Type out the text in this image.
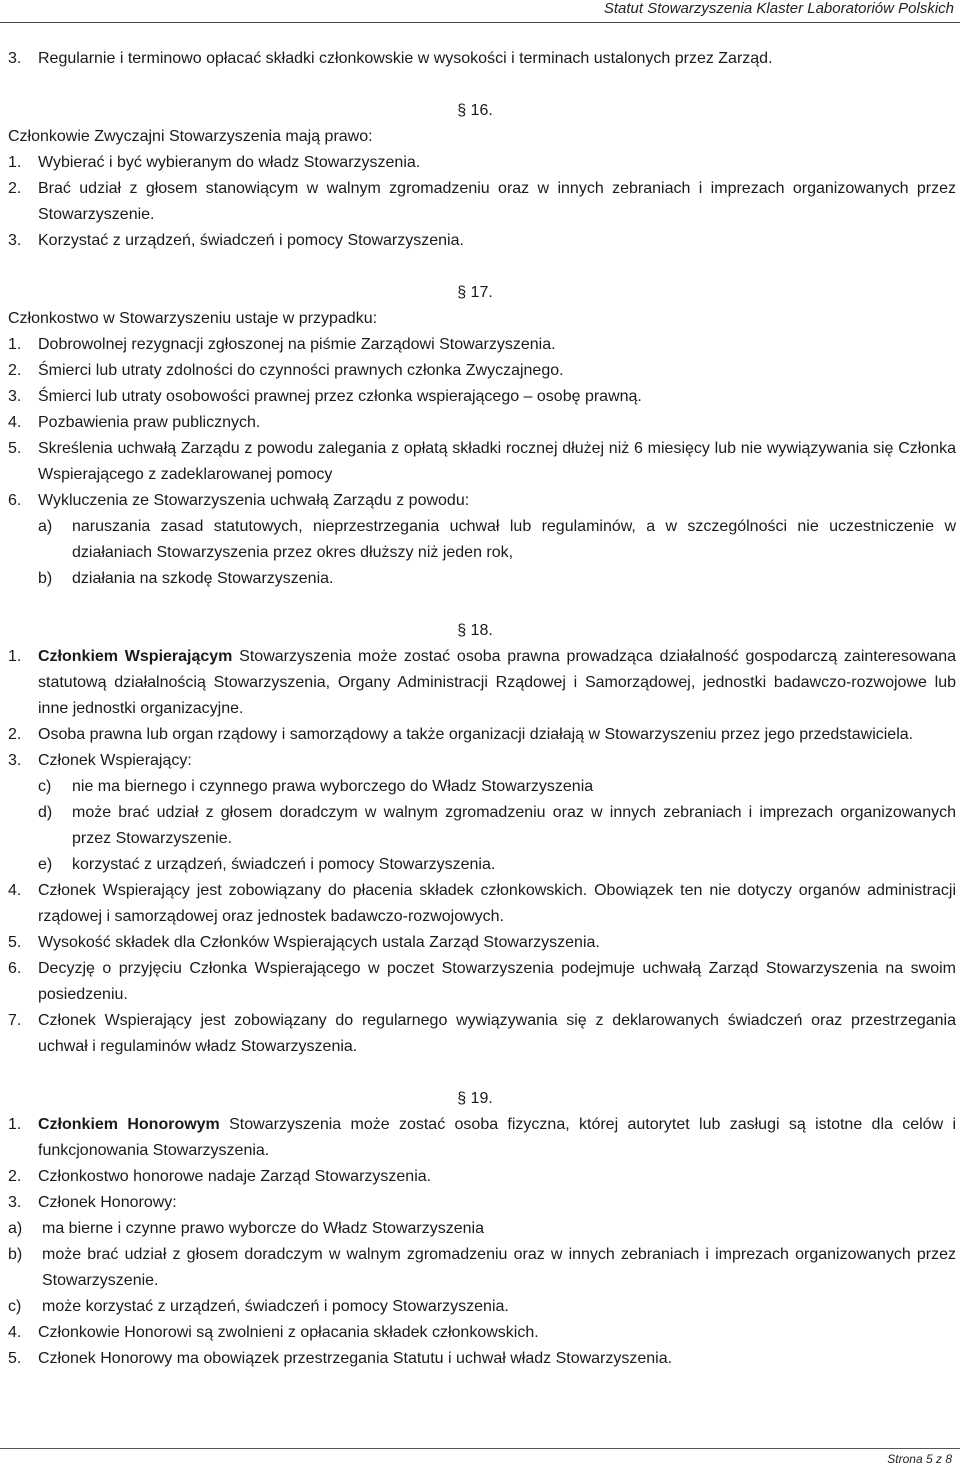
Statut Stowarzyszenia Klaster Laboratoriów Polskich
3.	Regularnie i terminowo opłacać składki członkowskie w wysokości i terminach ustalonych przez Zarząd.
§ 16.
Członkowie Zwyczajni Stowarzyszenia mają prawo:
1.	Wybierać i być wybieranym do władz Stowarzyszenia.
2.	Brać udział z głosem stanowiącym w walnym zgromadzeniu oraz w innych zebraniach i imprezach organizowanych przez Stowarzyszenie.
3.	Korzystać z urządzeń, świadczeń i pomocy Stowarzyszenia.
§ 17.
Członkostwo w Stowarzyszeniu ustaje w przypadku:
1.	Dobrowolnej rezygnacji zgłoszonej na piśmie Zarządowi Stowarzyszenia.
2.	Śmierci lub utraty zdolności do czynności prawnych członka Zwyczajnego.
3.	Śmierci lub utraty osobowości prawnej przez członka wspierającego – osobę prawną.
4.	Pozbawienia praw publicznych.
5.	Skreślenia uchwałą Zarządu z powodu zalegania z opłatą składki rocznej dłużej niż 6 miesięcy lub nie wywiązywania się Członka Wspierającego z zadeklarowanej pomocy
6.	Wykluczenia ze Stowarzyszenia uchwałą Zarządu z powodu:
a)	naruszania zasad statutowych, nieprzestrzegania uchwał lub regulaminów, a w szczególności nie uczestniczenie w działaniach Stowarzyszenia przez okres dłuższy niż jeden rok,
b)	działania na szkodę Stowarzyszenia.
§ 18.
1.	Członkiem Wspierającym Stowarzyszenia może zostać osoba prawna prowadząca działalność gospodarczą zainteresowana statutową działalnością Stowarzyszenia, Organy Administracji Rządowej i Samorządowej, jednostki badawczo-rozwojowe lub inne jednostki organizacyjne.
2.	Osoba prawna lub organ rządowy i samorządowy a także organizacji działają w Stowarzyszeniu przez jego przedstawiciela.
3.	Członek Wspierający:
c)	nie ma biernego i czynnego prawa wyborczego do Władz Stowarzyszenia
d)	może brać udział z głosem doradczym w walnym zgromadzeniu oraz w innych zebraniach i imprezach organizowanych przez Stowarzyszenie.
e)	korzystać z urządzeń, świadczeń i pomocy Stowarzyszenia.
4.	Członek Wspierający jest zobowiązany do płacenia składek członkowskich. Obowiązek ten nie dotyczy organów administracji rządowej i samorządowej oraz jednostek badawczo-rozwojowych.
5.	Wysokość składek dla Członków Wspierających ustala Zarząd Stowarzyszenia.
6.	Decyzję o przyjęciu Członka Wspierającego w poczet Stowarzyszenia podejmuje uchwałą Zarząd Stowarzyszenia na swoim posiedzeniu.
7.	Członek Wspierający jest zobowiązany do regularnego wywiązywania się z deklarowanych świadczeń oraz przestrzegania uchwał i regulaminów władz Stowarzyszenia.
§ 19.
1.	Członkiem Honorowym Stowarzyszenia może zostać osoba fizyczna, której autorytet lub zasługi są istotne dla celów i funkcjonowania Stowarzyszenia.
2.	Członkostwo honorowe nadaje Zarząd Stowarzyszenia.
3.	Członek Honorowy:
a)	ma bierne i czynne prawo wyborcze do Władz Stowarzyszenia
b)	może brać udział z głosem doradczym w walnym zgromadzeniu oraz w innych zebraniach i imprezach organizowanych przez Stowarzyszenie.
c)	może korzystać z urządzeń, świadczeń i pomocy Stowarzyszenia.
4.	Członkowie Honorowi są zwolnieni z opłacania składek członkowskich.
5.	Członek Honorowy ma obowiązek przestrzegania Statutu i uchwał władz Stowarzyszenia.
Strona 5 z 8
